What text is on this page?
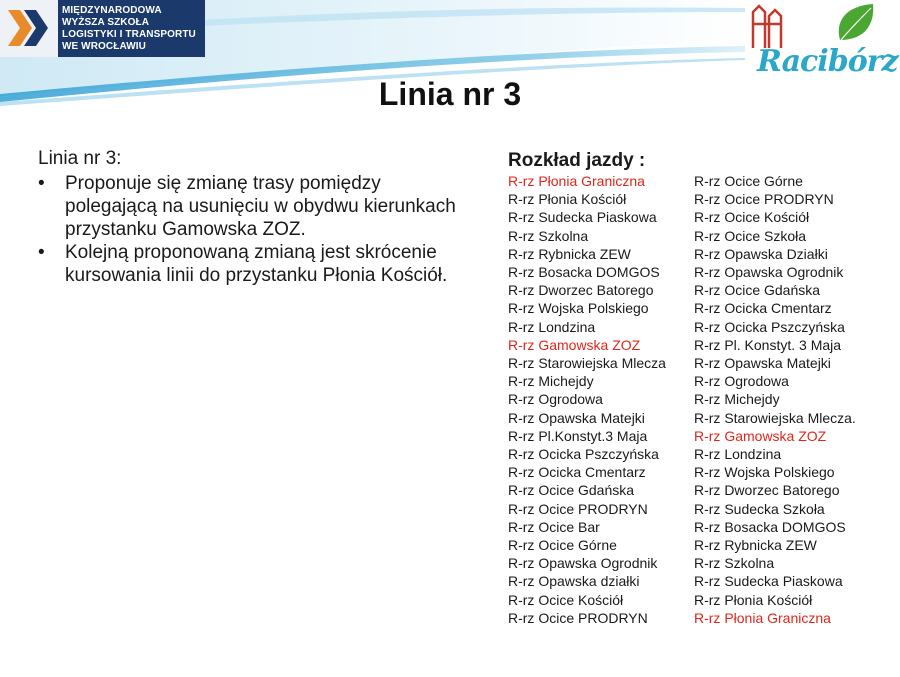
MIĘDZYNARODOWA
WYŻSZA SZKOŁA
LOGISTYKI I TRANSPORTU
WE WROCŁAWIU	Racibórz
Linia nr 3
Linia nr 3:
• Proponuje się zmianę trasy pomiędzy polegającą na usunięciu w obydwu kierunkach przystanku Gamowska ZOZ.
• Kolejną proponowaną zmianą jest skrócenie kursowania linii do przystanku Płonia Kościół.
Rozkład jazdy :
R-rz Płonia Graniczna
R-rz Płonia Kościół
R-rz Sudecka Piaskowa
R-rz Szkolna
R-rz Rybnicka ZEW
R-rz Bosacka DOMGOS
R-rz Dworzec Batorego
R-rz Wojska Polskiego
R-rz Londzina
R-rz Gamowska ZOZ
R-rz Starowiejska Mlecza
R-rz Michejdy
R-rz Ogrodowa
R-rz Opawska Matejki
R-rz Pl.Konstyt.3 Maja
R-rz Ocicka Pszczyńska
R-rz Ocicka Cmentarz
R-rz Ocice Gdańska
R-rz Ocice PRODRYN
R-rz Ocice Bar
R-rz Ocice Górne
R-rz Opawska Ogrodnik
R-rz Opawska działki
R-rz Ocice Kościół
R-rz Ocice PRODRYN
R-rz Ocice Górne
R-rz Ocice PRODRYN
R-rz Ocice Kościół
R-rz Ocice Szkoła
R-rz Opawska Działki
R-rz Opawska Ogrodnik
R-rz Ocice Gdańska
R-rz Ocicka Cmentarz
R-rz Ocicka Pszczyńska
R-rz Pl. Konstyt. 3 Maja
R-rz Opawska Matejki
R-rz Ogrodowa
R-rz Michejdy
R-rz Starowiejska Mlecza.
R-rz Gamowska ZOZ
R-rz Londzina
R-rz Wojska Polskiego
R-rz Dworzec Batorego
R-rz Sudecka Szkoła
R-rz Bosacka DOMGOS
R-rz Rybnicka ZEW
R-rz Szkolna
R-rz Sudecka Piaskowa
R-rz Płonia Kościół
R-rz Płonia Graniczna
